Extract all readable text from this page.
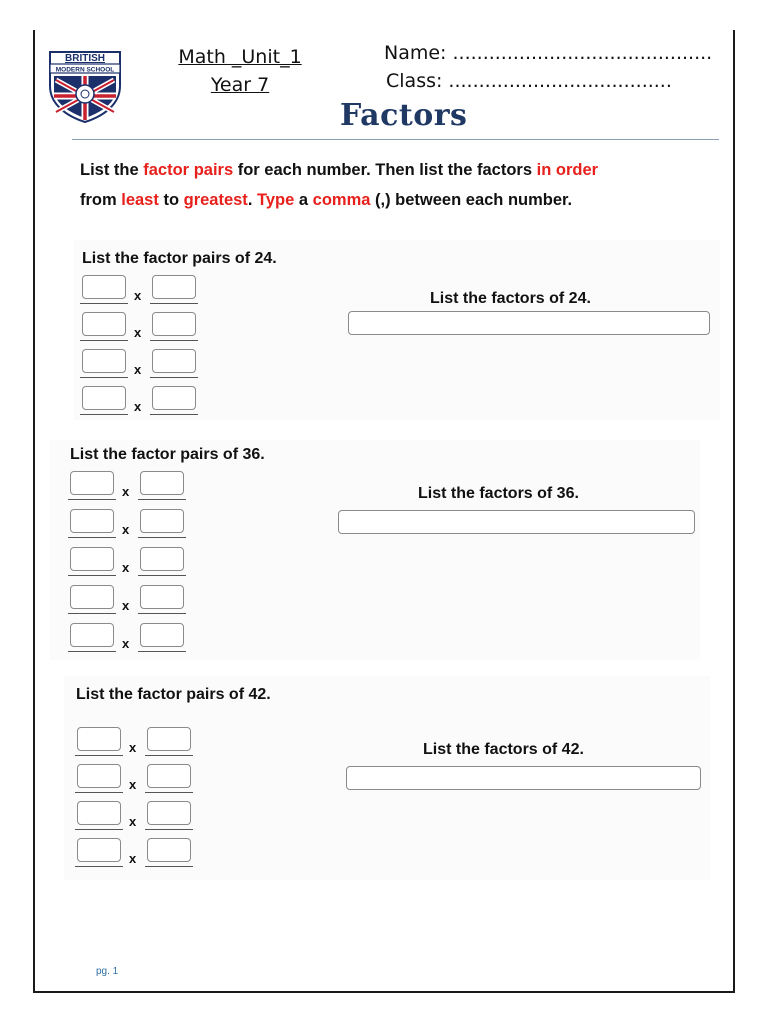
BRITISH
MODERN SCHOOL
Math _Unit_1
Year 7
Name: ...........................................
Class: .....................................
Factors
List the factor pairs for each number. Then list the factors in order
from least to greatest. Type a comma (,) between each number.
List the factor pairs of 24.
x
x
x
x
List the factors of 24.
List the factor pairs of 36.
x
x
x
x
x
List the factors of 36.
List the factor pairs of 42.
x
x
x
x
List the factors of 42.
pg. 1
